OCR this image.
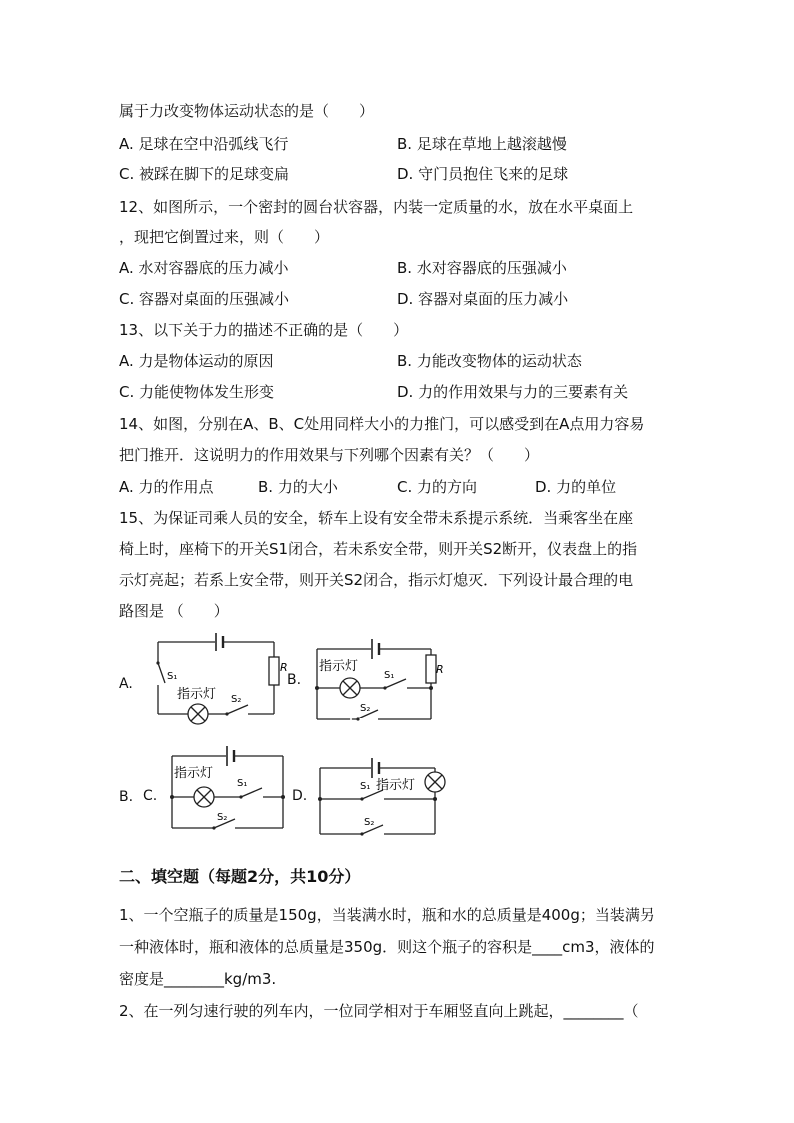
属于力改变物体运动状态的是（　　）
A. 足球在空中沿弧线飞行	B. 足球在草地上越滚越慢
C. 被踩在脚下的足球变扁	D. 守门员抱住飞来的足球
12、如图所示，一个密封的圆台状容器，内装一定质量的水，放在水平桌面上
，现把它倒置过来，则（　　）
A. 水对容器底的压力减小	B. 水对容器底的压强减小
C. 容器对桌面的压强减小	D. 容器对桌面的压力减小
13、以下关于力的描述不正确的是（　　）
A. 力是物体运动的原因	B. 力能改变物体的运动状态
C. 力能使物体发生形变	D. 力的作用效果与力的三要素有关
14、如图，分别在A、B、C处用同样大小的力推门，可以感受到在A点用力容易
把门推开．这说明力的作用效果与下列哪个因素有关？（　　）
A. 力的作用点	B. 力的大小	C. 力的方向	D. 力的单位
15、为保证司乘人员的安全，轿车上设有安全带未系提示系统．当乘客坐在座
椅上时，座椅下的开关S1闭合，若未系安全带，则开关S2断开，仪表盘上的指
示灯亮起；若系上安全带，则开关S2闭合，指示灯熄灭．下列设计最合理的电
路图是 （　　）
A.	B.
B. C.	D.
S₁
R
指示灯 S₂
指示灯
S₁	R
S₂
指示灯
S₁
S₂
S₁ 指示灯
S₂
二、填空题（每题2分，共10分）
1、一个空瓶子的质量是150g，当装满水时，瓶和水的总质量是400g；当装满另
一种液体时，瓶和液体的总质量是350g．则这个瓶子的容积是____cm3，液体的
密度是________kg/m3.
2、在一列匀速行驶的列车内，一位同学相对于车厢竖直向上跳起，________（
